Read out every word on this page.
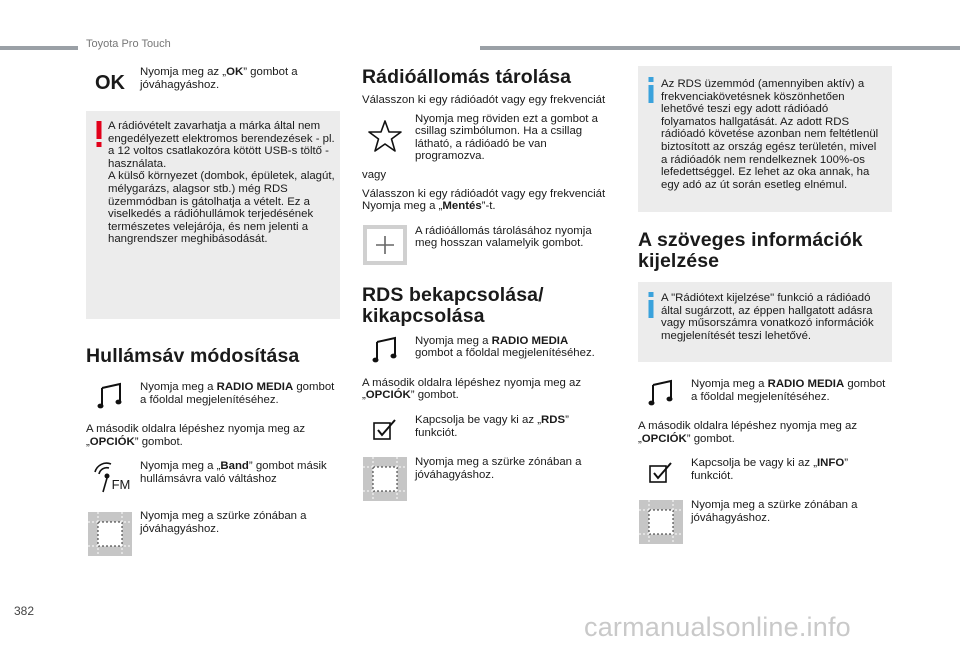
Toyota Pro Touch
OK Nyomja meg az „OK” gombot a jóváhagyáshoz.

A rádióvételt zavarhatja a márka által nem engedélyezett elektromos berendezések - pl. a 12 voltos csatlakozóra kötött USB-s töltő -használata.
A külső környezet (dombok, épületek, alagút, mélygarázs, alagsor stb.) még RDS üzemmódban is gátolhatja a vételt. Ez a viselkedés a rádióhullámok terjedésének természetes velejárója, és nem jelenti a hangrendszer meghibásodását.

Hullámsáv módosítása

Nyomja meg a RADIO MEDIA gombot a főoldal megjelenítéséhez.

A második oldalra lépéshez nyomja meg az „OPCIÓK” gombot.

FM

Nyomja meg a „Band” gombot másik hullámsávra való váltáshoz

Nyomja meg a szürke zónában a jóváhagyáshoz.

Rádióállomás tárolása

Válasszon ki egy rádióadót vagy egy frekvenciát

Nyomja meg röviden ezt a gombot a csillag szimbólumon. Ha a csillag látható, a rádióadó be van programozva.

vagy

Válasszon ki egy rádióadót vagy egy frekvenciát

Nyomja meg a „Mentés”-t.

A rádióállomás tárolásához nyomja meg hosszan valamelyik gombot.

RDS bekapcsolása/
kikapcsolása

Nyomja meg a RADIO MEDIA gombot a főoldal megjelenítéséhez.

A második oldalra lépéshez nyomja meg az „OPCIÓK” gombot.

Kapcsolja be vagy ki az „RDS” funkciót.

Nyomja meg a szürke zónában a jóváhagyáshoz.

Az RDS üzemmód (amennyiben aktív) a frekvenciakövetésnek köszönhetően lehetővé teszi egy adott rádióadó folyamatos hallgatását. Az adott RDS rádióadó követése azonban nem feltétlenül biztosított az ország egész területén, mivel a rádióadók nem rendelkeznek 100%-os lefedettséggel. Ez lehet az oka annak, ha egy adó az út során esetleg elnémul.

A szöveges információk
kijelzése

A "Rádiótext kijelzése" funkció a rádióadó által sugárzott, az éppen hallgatott adásra vagy műsorszámra vonatkozó információk megjelenítését teszi lehetővé.

Nyomja meg a RADIO MEDIA gombot a főoldal megjelenítéséhez.

A második oldalra lépéshez nyomja meg az „OPCIÓK” gombot.

Kapcsolja be vagy ki az „INFO” funkciót.

Nyomja meg a szürke zónában a jóváhagyáshoz.

382
carmanualsonline.info
